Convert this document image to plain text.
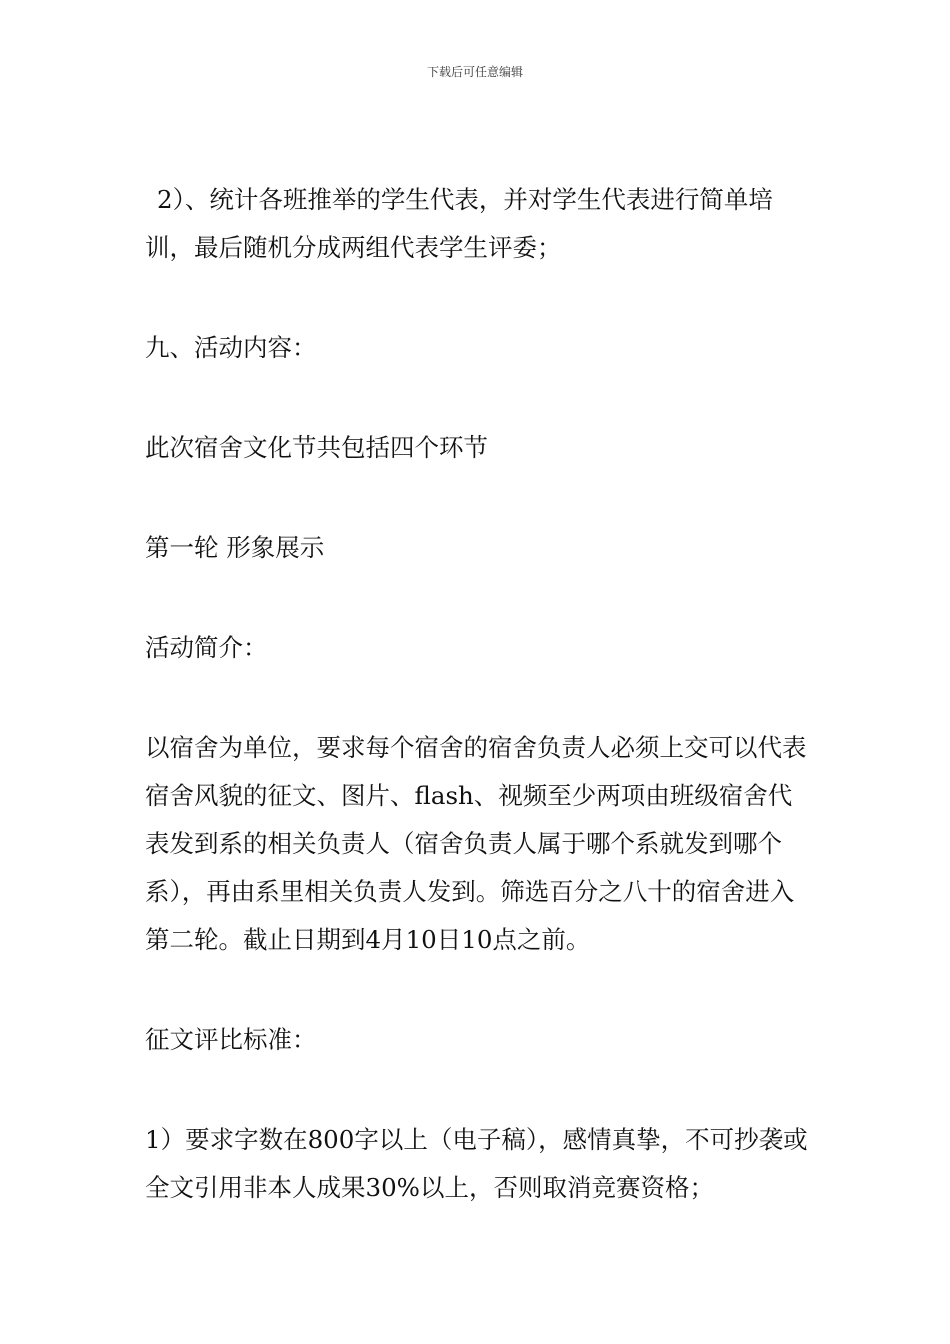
下载后可任意编辑

2）、统计各班推举的学生代表，并对学生代表进行简单培训，最后随机分成两组代表学生评委；

九、活动内容：

此次宿舍文化节共包括四个环节

第一轮 形象展示

活动简介：

以宿舍为单位，要求每个宿舍的宿舍负责人必须上交可以代表宿舍风貌的征文、图片、flash、视频至少两项由班级宿舍代表发到系的相关负责人（宿舍负责人属于哪个系就发到哪个系），再由系里相关负责人发到。筛选百分之八十的宿舍进入第二轮。截止日期到4月10日10点之前。

征文评比标准：

1）要求字数在800字以上（电子稿），感情真挚，不可抄袭或全文引用非本人成果30%以上，否则取消竞赛资格；
